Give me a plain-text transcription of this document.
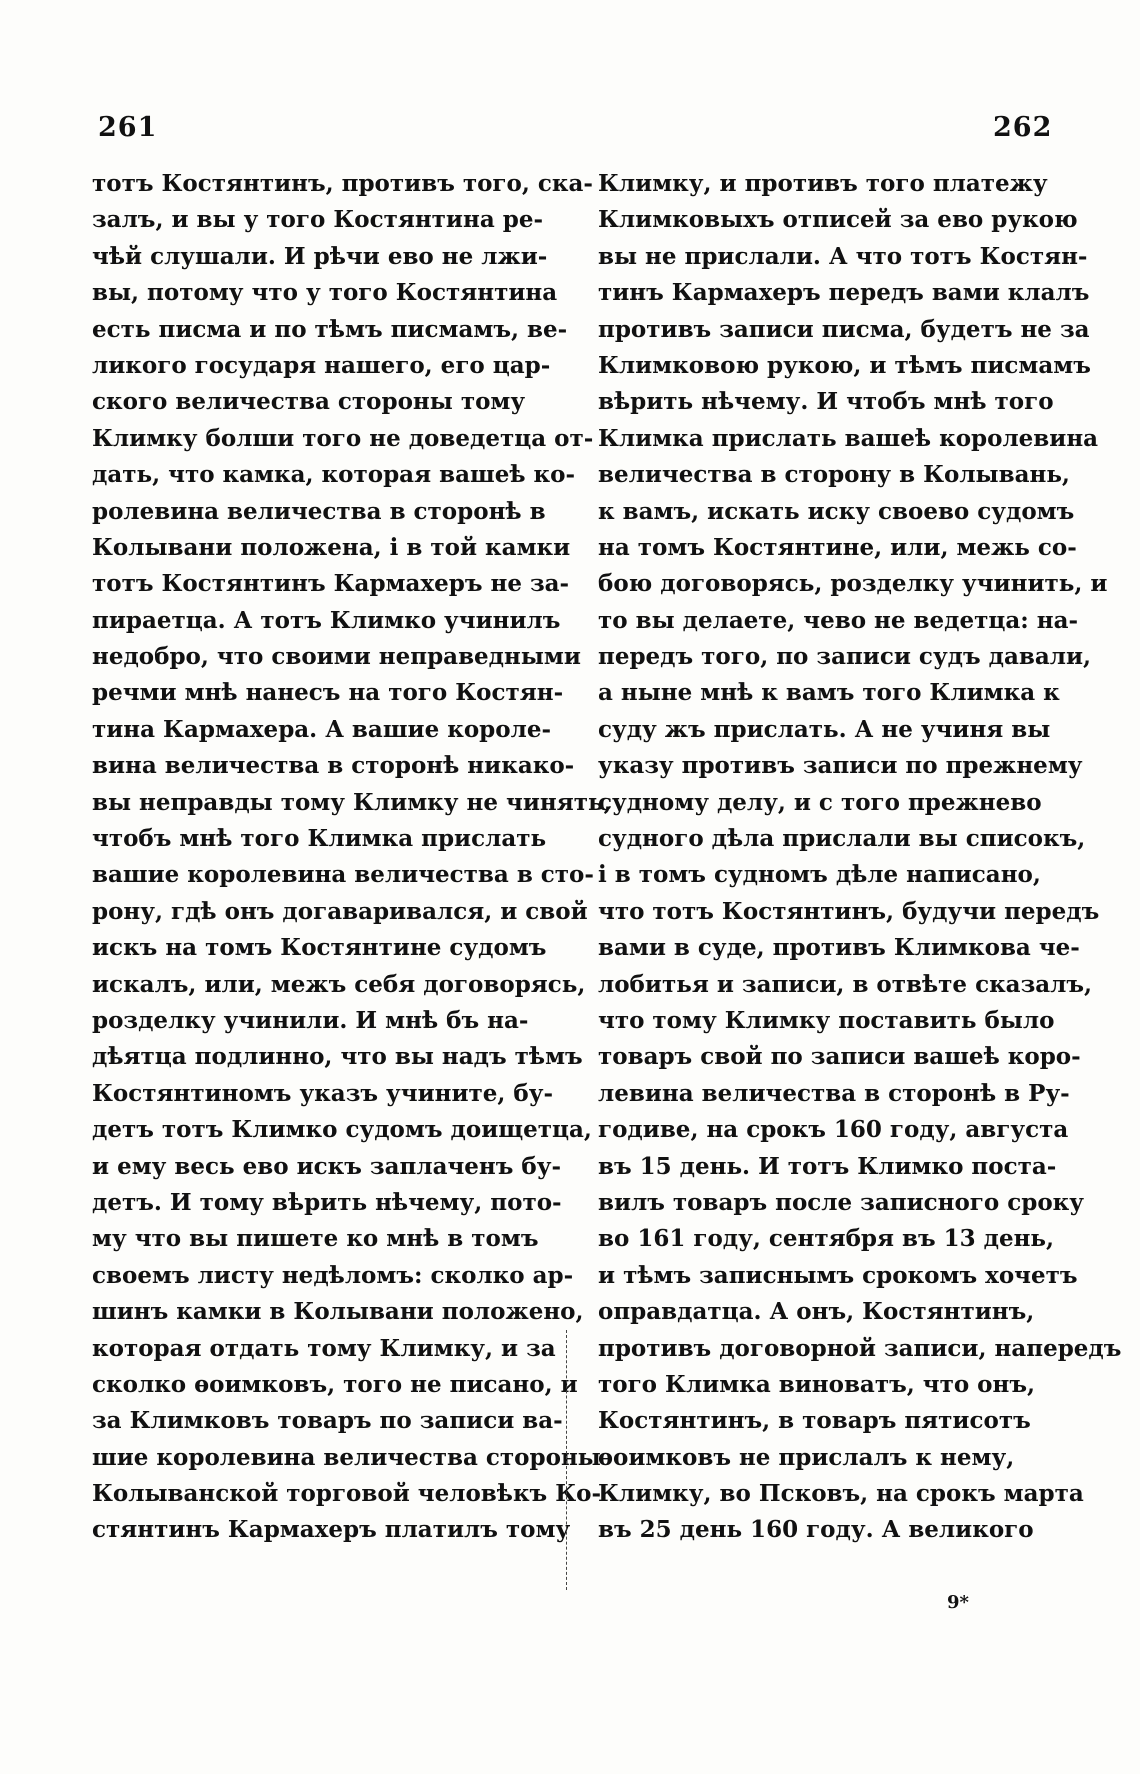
261	262
тотъ Костянтинъ, противъ того, ска-
залъ, и вы у того Костянтина ре-
чѣй слушали. И рѣчи ево не лжи-
вы, потому что у того Костянтина
есть писма и по тѣмъ писмамъ, ве-
ликого государя нашего, его цар-
ского величества стороны тому
Климку болши того не доведетца от-
дать, что камка, которая вашеѣ ко-
ролевина величества в сторонѣ в
Колывани положена, і в той камки
тотъ Костянтинъ Кармахеръ не за-
пираетца. А тотъ Климко учинилъ
недобро, что своими неправедными
речми мнѣ нанесъ на того Костян-
тина Кармахера. А вашие короле-
вина величества в сторонѣ никако-
вы неправды тому Климку не чинять,
чтобъ мнѣ того Климка прислать
вашие королевина величества в сто-
рону, гдѣ онъ догаваривался, и свой
искъ на томъ Костянтине судомъ
искалъ, или, межъ себя договорясь,
розделку учинили. И мнѣ бъ на-
дѣятца подлинно, что вы надъ тѣмъ
Костянтиномъ указъ учините, бу-
детъ тотъ Климко судомъ доищетца,
и ему весь ево искъ заплаченъ бу-
детъ. И тому вѣрить нѣчему, пото-
му что вы пишете ко мнѣ в томъ
своемъ листу недѣломъ: сколко ар-
шинъ камки в Колывани положено,
которая отдать тому Климку, и за
сколко ѳоимковъ, того не писано, и
за Климковъ товаръ по записи ва-
шие королевина величества стороны
Колыванской торговой человѣкъ Ко-
стянтинъ Кармахеръ платилъ тому
Климку, и противъ того платежу
Климковыхъ отписей за ево рукою
вы не прислали. А что тотъ Костян-
тинъ Кармахеръ передъ вами клалъ
противъ записи писма, будетъ не за
Климковою рукою, и тѣмъ писмамъ
вѣрить нѣчему. И чтобъ мнѣ того
Климка прислать вашеѣ королевина
величества в сторону в Колывань,
к вамъ, искать иску своево судомъ
на томъ Костянтине, или, межь со-
бою договорясь, розделку учинить, и
то вы делаете, чево не ведетца: на-
передъ того, по записи судъ давали,
а ныне мнѣ к вамъ того Климка к
суду жъ прислать. А не учиня вы
указу противъ записи по прежнему
судному делу, и с того прежнево
судного дѣла прислали вы списокъ,
і в томъ судномъ дѣле написано,
что тотъ Костянтинъ, будучи передъ
вами в суде, противъ Климкова че-
лобитья и записи, в отвѣте сказалъ,
что тому Климку поставить было
товаръ свой по записи вашеѣ коро-
левина величества в сторонѣ в Ру-
годиве, на срокъ 160 году, августа
въ 15 день. И тотъ Климко поста-
вилъ товаръ после записного сроку
во 161 году, сентября въ 13 день,
и тѣмъ записнымъ срокомъ хочетъ
оправдатца. А онъ, Костянтинъ,
противъ договорной записи, напередъ
того Климка виноватъ, что онъ,
Костянтинъ, в товаръ пятисотъ
ѳоимковъ не прислалъ к нему,
Климку, во Псковъ, на срокъ марта
въ 25 день 160 году. А великого
9*
